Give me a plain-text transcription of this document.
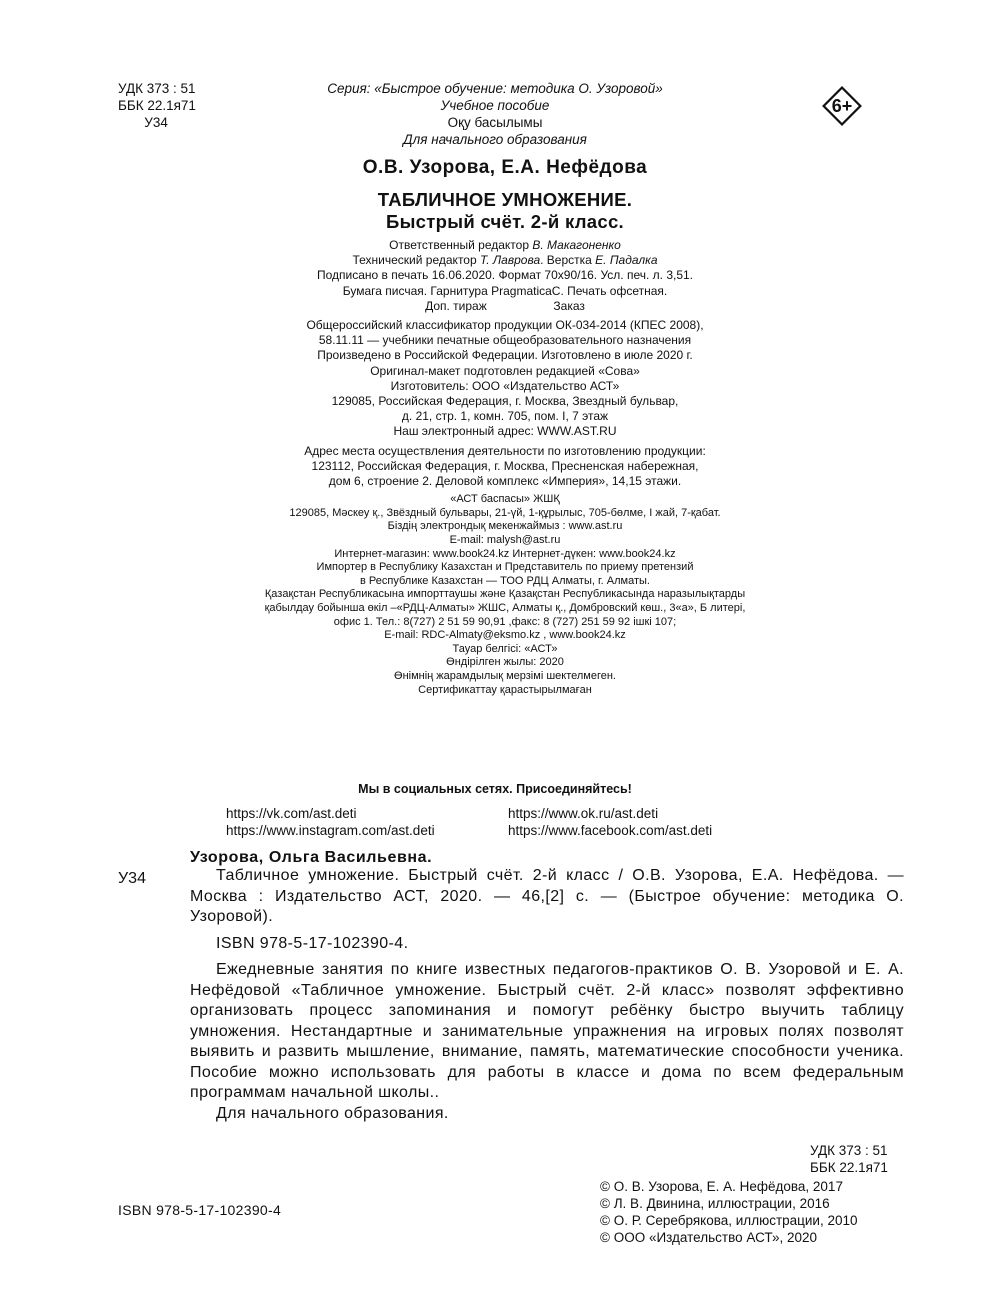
УДК 373 : 51
ББК 22.1я71
У34
Серия: «Быстрое обучение: методика О. Узоровой»
Учебное пособие
Оқу басылымы
Для начального образования
6+
О.В. Узорова, Е.А. Нефёдова
ТАБЛИЧНОЕ УМНОЖЕНИЕ.
Быстрый счёт. 2-й класс.
Ответственный редактор В. Макагоненко
Технический редактор Т. Лаврова. Верстка Е. Падалка
Подписано в печать 16.06.2020. Формат 70х90/16. Усл. печ. л. 3,51.
Бумага писчая. Гарнитура PragmaticaC. Печать офсетная.
Доп. тираж                    Заказ
Общероссийский классификатор продукции ОК-034-2014 (КПЕС 2008),
58.11.11 — учебники печатные общеобразовательного назначения
Произведено в Российской Федерации. Изготовлено в июле 2020 г.
Оригинал-макет подготовлен редакцией «Сова»
Изготовитель: ООО «Издательство АСТ»
129085, Российская Федерация, г. Москва, Звездный бульвар,
д. 21, стр. 1, комн. 705, пом. I, 7 этаж
Наш электронный адрес: WWW.AST.RU
Адрес места осуществления деятельности по изготовлению продукции:
123112, Российская Федерация, г. Москва, Пресненская набережная,
дом 6, строение 2. Деловой комплекс «Империя», 14,15 этажи.
«АСТ баспасы» ЖШҚ
129085, Мәскеу қ., Звёздный бульвары, 21-үй, 1-құрылыс, 705-бөлме, I жай, 7-қабат.
Біздің электрондық мекенжаймыз : www.ast.ru
E-mail: malysh@ast.ru
Интернет-магазин: www.book24.kz Интернет-дүкен: www.book24.kz
Импортер в Республику Казахстан и Представитель по приему претензий
в Республике Казахстан — ТОО РДЦ Алматы, г. Алматы.
Қазақстан Республикасына импорттаушы және Қазақстан Республикасында наразылықтарды
қабылдау бойынша өкіл –«РДЦ-Алматы» ЖШС, Алматы қ., Домбровский көш., 3«а», Б литері,
офис 1. Тел.: 8(727) 2 51 59 90,91 ,факс: 8 (727) 251 59 92 ішкі 107;
E-mail: RDC-Almaty@eksmo.kz , www.book24.kz
Тауар белгісі: «АСТ»
Өндірілген жылы: 2020
Өнімнің жарамдылық мерзімі шектелмеген.
Сертификаттау қарастырылмаған
Мы в социальных сетях. Присоединяйтесь!
https://vk.com/ast.deti	https://www.ok.ru/ast.deti
https://www.instagram.com/ast.deti	https://www.facebook.com/ast.deti
Узорова, Ольга Васильевна.
У34	Табличное умножение. Быстрый счёт. 2-й класс / О.В. Узорова, Е.А. Нефёдова. — Москва : Издательство АСТ, 2020. — 46,[2] с. — (Быстрое обучение: методика О. Узоровой).

ISBN 978-5-17-102390-4.

Ежедневные занятия по книге известных педагогов-практиков О. В. Узоровой и Е. А. Нефёдовой «Табличное умножение. Быстрый счёт. 2-й класс» позволят эффективно организовать процесс запоминания и помогут ребёнку быстро выучить таблицу умножения. Нестандартные и занимательные упражнения на игровых полях позволят выявить и развить мышление, внимание, память, математические способности ученика. Пособие можно использовать для работы в классе и дома по всем федеральным программам начальной школы..

Для начального образования.

УДК 373 : 51
ББК 22.1я71
© О. В. Узорова, Е. А. Нефёдова, 2017
© Л. В. Двинина, иллюстрации, 2016
© О. Р. Серебрякова, иллюстрации, 2010
© ООО «Издательство АСТ», 2020
ISBN 978-5-17-102390-4
